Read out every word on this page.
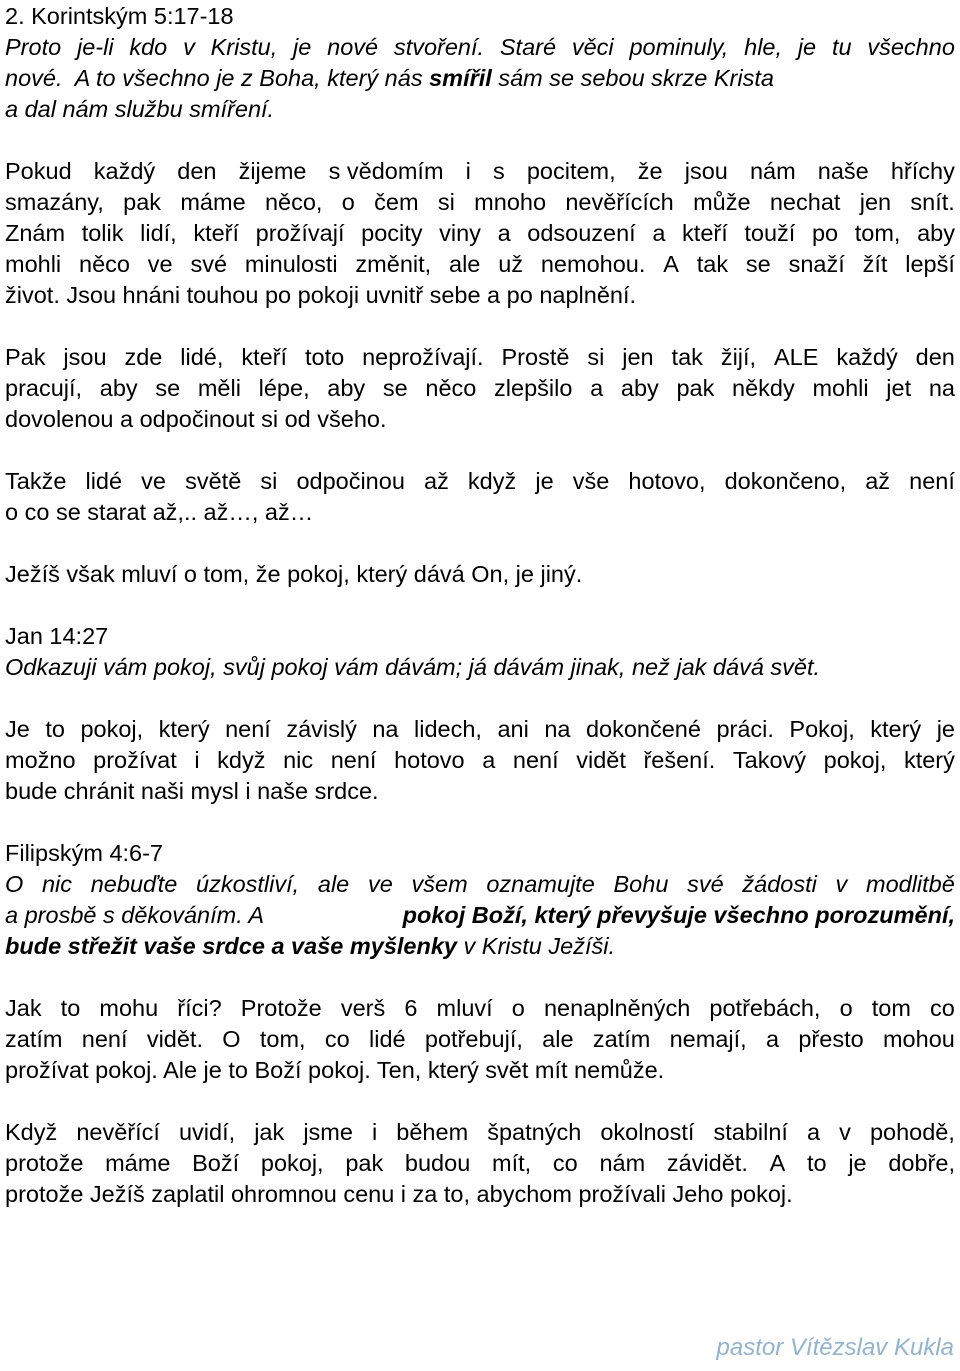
2. Korintským 5:17-18
Proto je-li kdo v Kristu, je nové stvoření. Staré věci pominuly, hle, je tu všechno
nové.  A to všechno je z Boha, který nás smířil sám se sebou skrze Krista
a dal nám službu smíření.
Pokud každý den žijeme s vědomím i s pocitem, že jsou nám naše hříchy
smazány, pak máme něco, o čem si mnoho nevěřících může nechat jen snít.
Znám tolik lidí, kteří prožívají pocity viny a odsouzení a kteří touží po tom, aby
mohli něco ve své minulosti změnit, ale už nemohou. A tak se snaží žít lepší
život. Jsou hnáni touhou po pokoji uvnitř sebe a po naplnění.
Pak jsou zde lidé, kteří toto neprožívají. Prostě si jen tak žijí, ALE každý den
pracují, aby se měli lépe, aby se něco zlepšilo a aby pak někdy mohli jet na
dovolenou a odpočinout si od všeho.
Takže lidé ve světě si odpočinou až když je vše hotovo, dokončeno, až není
o co se starat až,.. až…, až…
Ježíš však mluví o tom, že pokoj, který dává On, je jiný.
Jan 14:27
Odkazuji vám pokoj, svůj pokoj vám dávám; já dávám jinak, než jak dává svět.
Je to pokoj, který není závislý na lidech, ani na dokončené práci. Pokoj, který je
možno prožívat i když nic není hotovo a není vidět řešení. Takový pokoj, který
bude chránit naši mysl i naše srdce.
Filipským 4:6-7
O nic nebuďte úzkostliví, ale ve všem oznamujte Bohu své žádosti v modlitbě
a prosbě s děkováním. A	pokoj Boží, který převyšuje všechno porozumění,
bude střežit vaše srdce a vaše myšlenky v Kristu Ježíši.
Jak to mohu říci? Protože verš 6 mluví o nenaplněných potřebách, o tom co
zatím není vidět. O tom, co lidé potřebují, ale zatím nemají, a přesto mohou
prožívat pokoj. Ale je to Boží pokoj. Ten, který svět mít nemůže.
Když nevěřící uvidí, jak jsme i během špatných okolností stabilní a v pohodě,
protože máme Boží pokoj, pak budou mít, co nám závidět. A to je dobře,
protože Ježíš zaplatil ohromnou cenu i za to, abychom prožívali Jeho pokoj.
pastor Vítězslav Kukla
